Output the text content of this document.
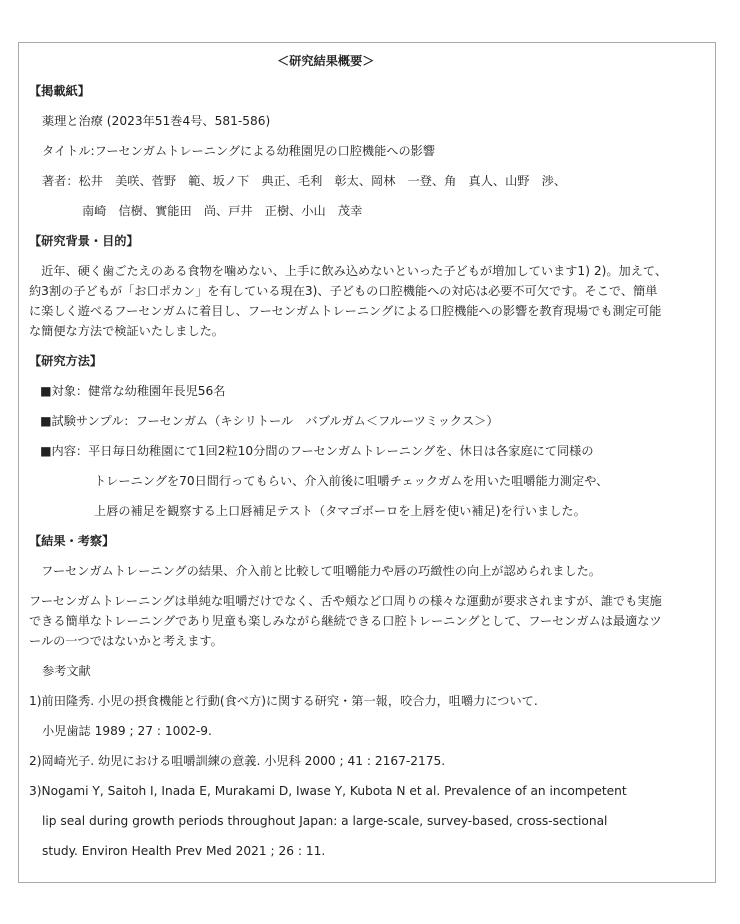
＜研究結果概要＞
【掲載紙】
薬理と治療 (2023年51巻4号、581-586)
タイトル:フーセンガムトレーニングによる幼稚園児の口腔機能への影響
著者：松井　美咲、菅野　範、坂ノ下　典正、毛利　彰太、岡林　一登、角　真人、山野　渉、
南崎　信樹、實能田　尚、戸井　正樹、小山　茂幸
【研究背景・目的】
　近年、硬く歯ごたえのある食物を噛めない、上手に飲み込めないといった子どもが増加しています1) 2)。加えて、
約3割の子どもが「お口ポカン」を有している現在3)、子どもの口腔機能への対応は必要不可欠です。そこで、簡単
に楽しく遊べるフーセンガムに着目し、フーセンガムトレーニングによる口腔機能への影響を教育現場でも測定可能
な簡便な方法で検証いたしました。
【研究方法】
■対象：健常な幼稚園年長児56名
■試験サンプル：フーセンガム（キシリトール　バブルガム＜フルーツミックス＞）
■内容：平日毎日幼稚園にて1回2粒10分間のフーセンガムトレーニングを、休日は各家庭にて同様の
トレーニングを70日間行ってもらい、介入前後に咀嚼チェックガムを用いた咀嚼能力測定や、
上唇の補足を観察する上口唇補足テスト（タマゴボーロを上唇を使い補足)を行いました。
【結果・考察】
　フーセンガムトレーニングの結果、介入前と比較して咀嚼能力や唇の巧緻性の向上が認められました。
フーセンガムトレーニングは単純な咀嚼だけでなく、舌や頬など口周りの様々な運動が要求されますが、誰でも実施
できる簡単なトレーニングであり児童も楽しみながら継続できる口腔トレーニングとして、フーセンガムは最適なツ
ールの一つではないかと考えます。
参考文献
1)前田隆秀. 小児の摂食機能と行動(食べ方)に関する研究・第一報，咬合力，咀嚼力について.
小児歯誌 1989 ; 27 : 1002-9.
2)岡崎光子. 幼児における咀嚼訓練の意義. 小児科 2000 ; 41 : 2167-2175.
3)Nogami Y, Saitoh I, Inada E, Murakami D, Iwase Y, Kubota N et al. Prevalence of an incompetent
lip seal during growth periods throughout Japan: a large-scale, survey-based, cross-sectional
study. Environ Health Prev Med 2021 ; 26 : 11.
